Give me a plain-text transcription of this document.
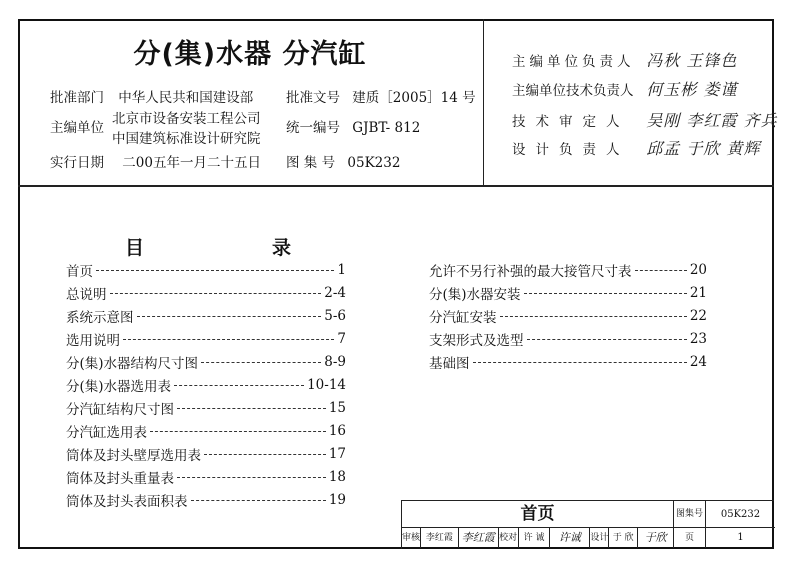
分(集)水器 分汽缸
批准部门 中华人民共和国建设部 批准文号 建质［2005］14 号
主编单位
北京市设备安装工程公司
中国建筑标准设计研究院
统一编号 GJBT- 812
实行日期 二00五年一月二十五日 图 集 号 05K232
主编单位负责人 冯秋 王锋色
主编单位技术负责人 何玉彬 娄谨
技术审定人 吴刚 李红霞 齐兵
设计负责人 邱孟 于欣 黄辉
目	录
首页	1
总说明	2-4
系统示意图	5-6
选用说明	7
分(集)水器结构尺寸图	8-9
分(集)水器选用表	10-14
分汽缸结构尺寸图	15
分汽缸选用表	16
筒体及封头壁厚选用表	17
筒体及封头重量表	18
筒体及封头表面积表	19
允许不另行补强的最大接管尺寸表	20
分(集)水器安装	21
分汽缸安装	22
支架形式及选型	23
基础图	24
首页	图集号	05K232
页	1
审核 李红霞 李红霞 校对 许 诚	许诚	设计 于 欣 于欣
